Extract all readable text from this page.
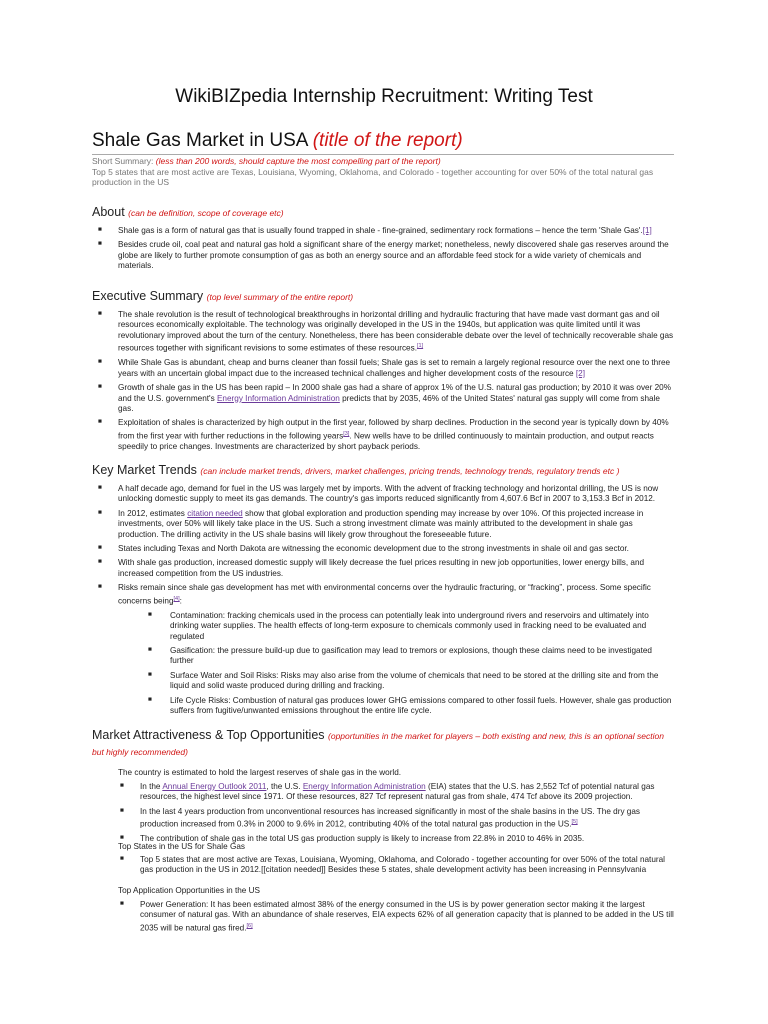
WikiBIZpedia Internship Recruitment: Writing Test
Shale Gas Market in USA (title of the report)
Short Summary: (less than 200 words, should capture the most compelling part of the report)
Top 5 states that are most active are Texas, Louisiana, Wyoming, Oklahoma, and Colorado - together accounting for over 50% of the total natural gas production in the US
About (can be definition, scope of coverage etc)
■ Shale gas is a form of natural gas that is usually found trapped in shale - fine-grained, sedimentary rock formations – hence the term 'Shale Gas'.[1]
■ Besides crude oil, coal peat and natural gas hold a significant share of the energy market; nonetheless, newly discovered shale gas reserves around the globe are likely to further promote consumption of gas as both an energy source and an affordable feed stock for a wide variety of chemicals and materials.
Executive Summary (top level summary of the entire report)
■ The shale revolution is the result of technological breakthroughs in horizontal drilling and hydraulic fracturing that have made vast dormant gas and oil resources economically exploitable. The technology was originally developed in the US in the 1940s, but application was quite limited until it was revolutionary improved about the turn of the century. Nonetheless, there has been considerable debate over the level of technically recoverable shale gas resources together with significant revisions to some estimates of these resources.[1]
■ While Shale Gas is abundant, cheap and burns cleaner than fossil fuels; Shale gas is set to remain a largely regional resource over the next one to three years with an uncertain global impact due to the increased technical challenges and higher development costs of the resource [2]
■ Growth of shale gas in the US has been rapid – In 2000 shale gas had a share of approx 1% of the U.S. natural gas production; by 2010 it was over 20% and the U.S. government's Energy Information Administration predicts that by 2035, 46% of the United States' natural gas supply will come from shale gas.
■ Exploitation of shales is characterized by high output in the first year, followed by sharp declines. Production in the second year is typically down by 40% from the first year with further reductions in the following years[3]. New wells have to be drilled continuously to maintain production, and output reacts speedily to price changes. Investments are characterized by short payback periods.
Key Market Trends (can include market trends, drivers, market challenges, pricing trends, technology trends, regulatory trends etc )
■ A half decade ago, demand for fuel in the US was largely met by imports. With the advent of fracking technology and horizontal drilling, the US is now unlocking domestic supply to meet its gas demands. The country's gas imports reduced significantly from 4,607.6 Bcf in 2007 to 3,153.3 Bcf in 2012.
■ In 2012, estimates citation needed show that global exploration and production spending may increase by over 10%. Of this projected increase in investments, over 50% will likely take place in the US. Such a strong investment climate was mainly attributed to the development in shale gas production. The drilling activity in the US shale basins will likely grow throughout the foreseeable future.
■ States including Texas and North Dakota are witnessing the economic development due to the strong investments in shale oil and gas sector.
■ With shale gas production, increased domestic supply will likely decrease the fuel prices resulting in new job opportunities, lower energy bills, and increased competition from the US industries.
■ Risks remain since shale gas development has met with environmental concerns over the hydraulic fracturing, or “fracking”, process. Some specific concerns being[4]:
■ Contamination: fracking chemicals used in the process can potentially leak into underground rivers and reservoirs and ultimately into drinking water supplies. The health effects of long-term exposure to chemicals commonly used in fracking need to be evaluated and regulated
■ Gasification: the pressure build-up due to gasification may lead to tremors or explosions, though these claims need to be investigated further
■ Surface Water and Soil Risks: Risks may also arise from the volume of chemicals that need to be stored at the drilling site and from the liquid and solid waste produced during drilling and fracking.
■ Life Cycle Risks: Combustion of natural gas produces lower GHG emissions compared to other fossil fuels. However, shale gas production suffers from fugitive/unwanted emissions throughout the entire life cycle.
Market Attractiveness & Top Opportunities (opportunities in the market for players – both existing and new, this is an optional section but highly recommended)
The country is estimated to hold the largest reserves of shale gas in the world.
■ In the Annual Energy Outlook 2011, the U.S. Energy Information Administration (EIA) states that the U.S. has 2,552 Tcf of potential natural gas resources, the highest level since 1971. Of these resources, 827 Tcf represent natural gas from shale, 474 Tcf above its 2009 projection.
■ In the last 4 years production from unconventional resources has increased significantly in most of the shale basins in the US. The dry gas production increased from 0.3% in 2000 to 9.6% in 2012, contributing 40% of the total natural gas production in the US.[5]
■ The contribution of shale gas in the total US gas production supply is likely to increase from 22.8% in 2010 to 46% in 2035.
Top States in the US for Shale Gas
■ Top 5 states that are most active are Texas, Louisiana, Wyoming, Oklahoma, and Colorado - together accounting for over 50% of the total natural gas production in the US in 2012.[[citation needed]] Besides these 5 states, shale development activity has been increasing in Pennsylvania
Top Application Opportunities in the US
■ Power Generation: It has been estimated almost 38% of the energy consumed in the US is by power generation sector making it the largest consumer of natural gas. With an abundance of shale reserves, EIA expects 62% of all generation capacity that is planned to be added in the US till 2035 will be natural gas fired.[6]
